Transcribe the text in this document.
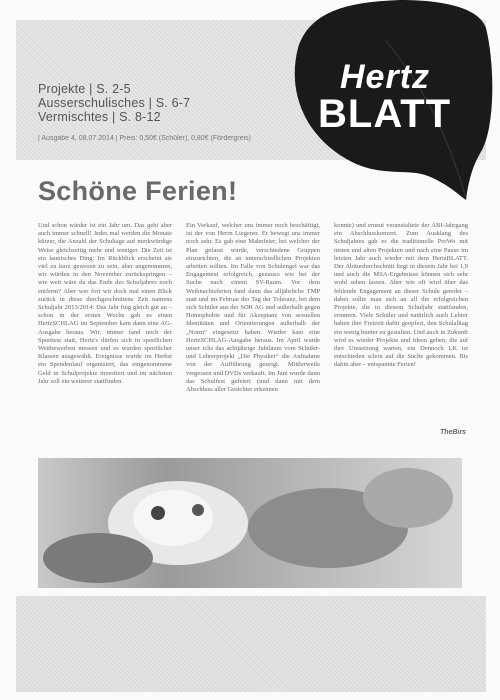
Projekte | S. 2-5
Ausserschulisches | S. 6-7
Vermischtes | S. 8-12
| Ausgabe 4, 08.07.2014 | Preis: 0,50€ (Schüler), 0,80€ (Fördergreis)
Hertz
BLATT
Schöne Ferien!

Und schon wieder ist ein Jahr um. Das geht aber auch immer schnell! Jedes mal werden die Monate kürzer, die Anzahl der Schultage auf merkwürdige Weise gleichzeitig mehr und weniger. Die Zeit ist ein launisches Ding: Im Rückblick erscheint sie viel zu kurz gewesen zu sein, aber angenommen, wir würden in den November zurückspringen – wie weit wäre da das Ende des Schuljahres noch entfernt? Aber wer fort wir doch mal einen Blick zurück in diese durchgeschnittene Zeit namens Schuljahr 2013/2014: Das Jahr fing gleich gut an – schon in der ersten Woche gab es einen HertzSCHLAG im September kam dann eine AG-Ausgabe heraus. Wir, immer fand noch der Sporttest statt, Hertz's dürfen sich in sportlichen Wettbewerben messen und es wurden sportlicher Klassen ausgewählt. Ereignisse wurde im Herbst ein Spendenlauf organisiert, das eingenommene Geld in Schulprojekte investiert und im nächsten Jahr soll ein weiterer stattfinden.

Ein Verkauf, welcher uns immer noch beschäftigt, ist der von Herrn Liegener. Er bewegt uns immer noch sehr. Es gab eine Mahnfeier, bei welcher der Plan gefasst wurde, verschiedene Gruppen einzurichten, die an unterschiedlichen Projekten arbeiten sollten. Im Falle von Schulengel war das Engagement erfolgreich, genauso wie bei der Suche nach einem SV-Raum. Vor dem Weihnachtsferien fand dann das alljährliche TMP statt und im Februar der Tag der Toleranz, bei dem sich Schüler aus der SOR AG und außerhalb gegen Homophobie und für Akzeptanz von sexuellen Identitäten und Orientierungen außerhalb der „Norm“ eingesetzt haben. Wieder kam eine HertzSCHLAG-Ausgabe heraus. Im April wurde unser ichs das achtjährige Jubiläum vom Schüler- und Lehrerprojekt „Die Physiker“ die Aufnahme von der Aufführung gezeigt. Mittlerweile vergessen und DVDs verkauft. Im Juni wurde dann das Schulfest gefeiert (und dann mit dem Abschluss aller Gesichter erkennen

konnte) und erneut veranstaltete der ABI-Jahrgang ein Abschlusskonzert. Zum Ausklang des Schuljahres gab es die traditionelle ProWo mit neuen und alten Projekten und nach eine Pause im letzten Jahr auch wieder mit dem HertzBLATT. Der Abiturdurchschnitt liegt in diesem Jahr bei 1,9 und auch die MSA-Ergebnisse können sich sehr wohl sehen lassen. Aber wie oft wird über das fehlende Engagement an dieser Schule geredet – dabei sollte man sich an all die erfolgreichen Projekte, die in diesem Schuljahr stattfanden, erinnern. Viele Schüler und natürlich auch Lehrer haben ihre Freizeit dafür geopfert, den Schulalltag ein wenig bunter zu gestalten. Und auch in Zukunft wird es wieder Projekte und Ideen geben, die auf ihre Umsetzung warten, ein Dennoch LK ist entschieden schon auf die Suche gekommen. Bis dahin aber – entspannte Ferien!

TheBirs
